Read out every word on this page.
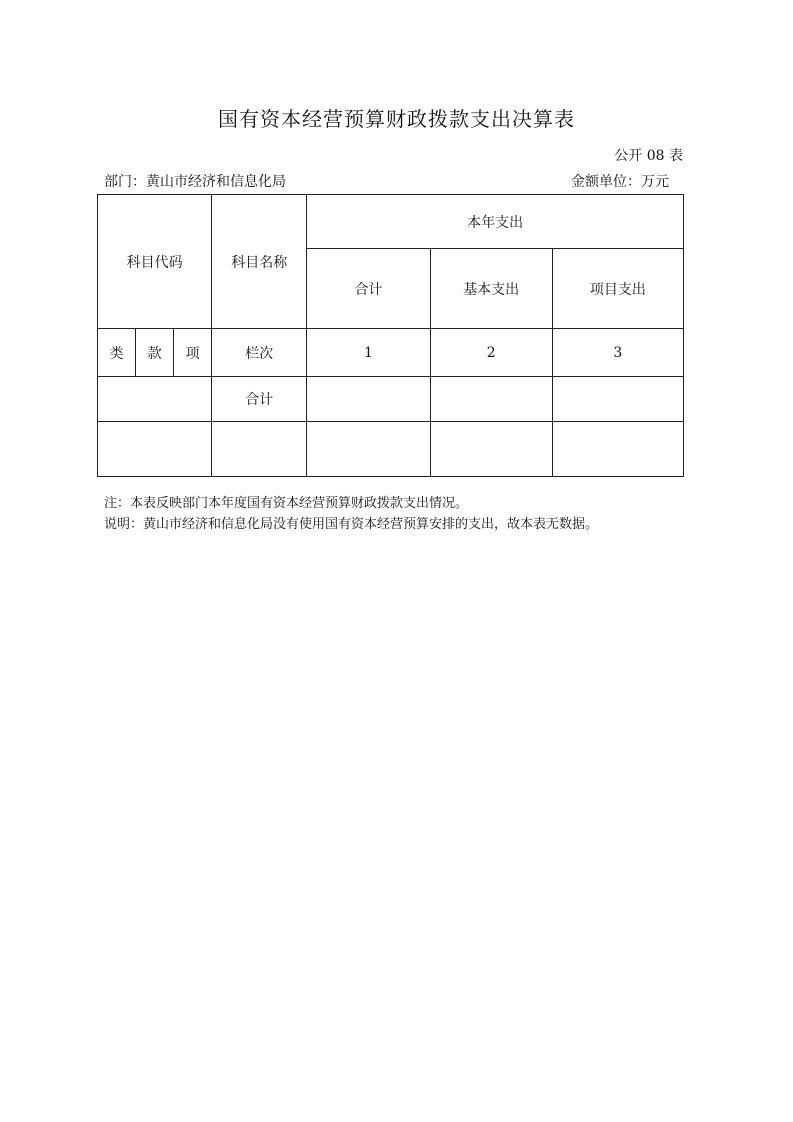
国有资本经营预算财政拨款支出决算表
公开 08 表
部门：黄山市经济和信息化局	金额单位：万元
科目代码			科目名称	本年支出		
				合计	基本支出	项目支出
类	款	项	栏次	1	2	3
			合计			

注：本表反映部门本年度国有资本经营预算财政拨款支出情况。
说明：黄山市经济和信息化局没有使用国有资本经营预算安排的支出，故本表无数据。
